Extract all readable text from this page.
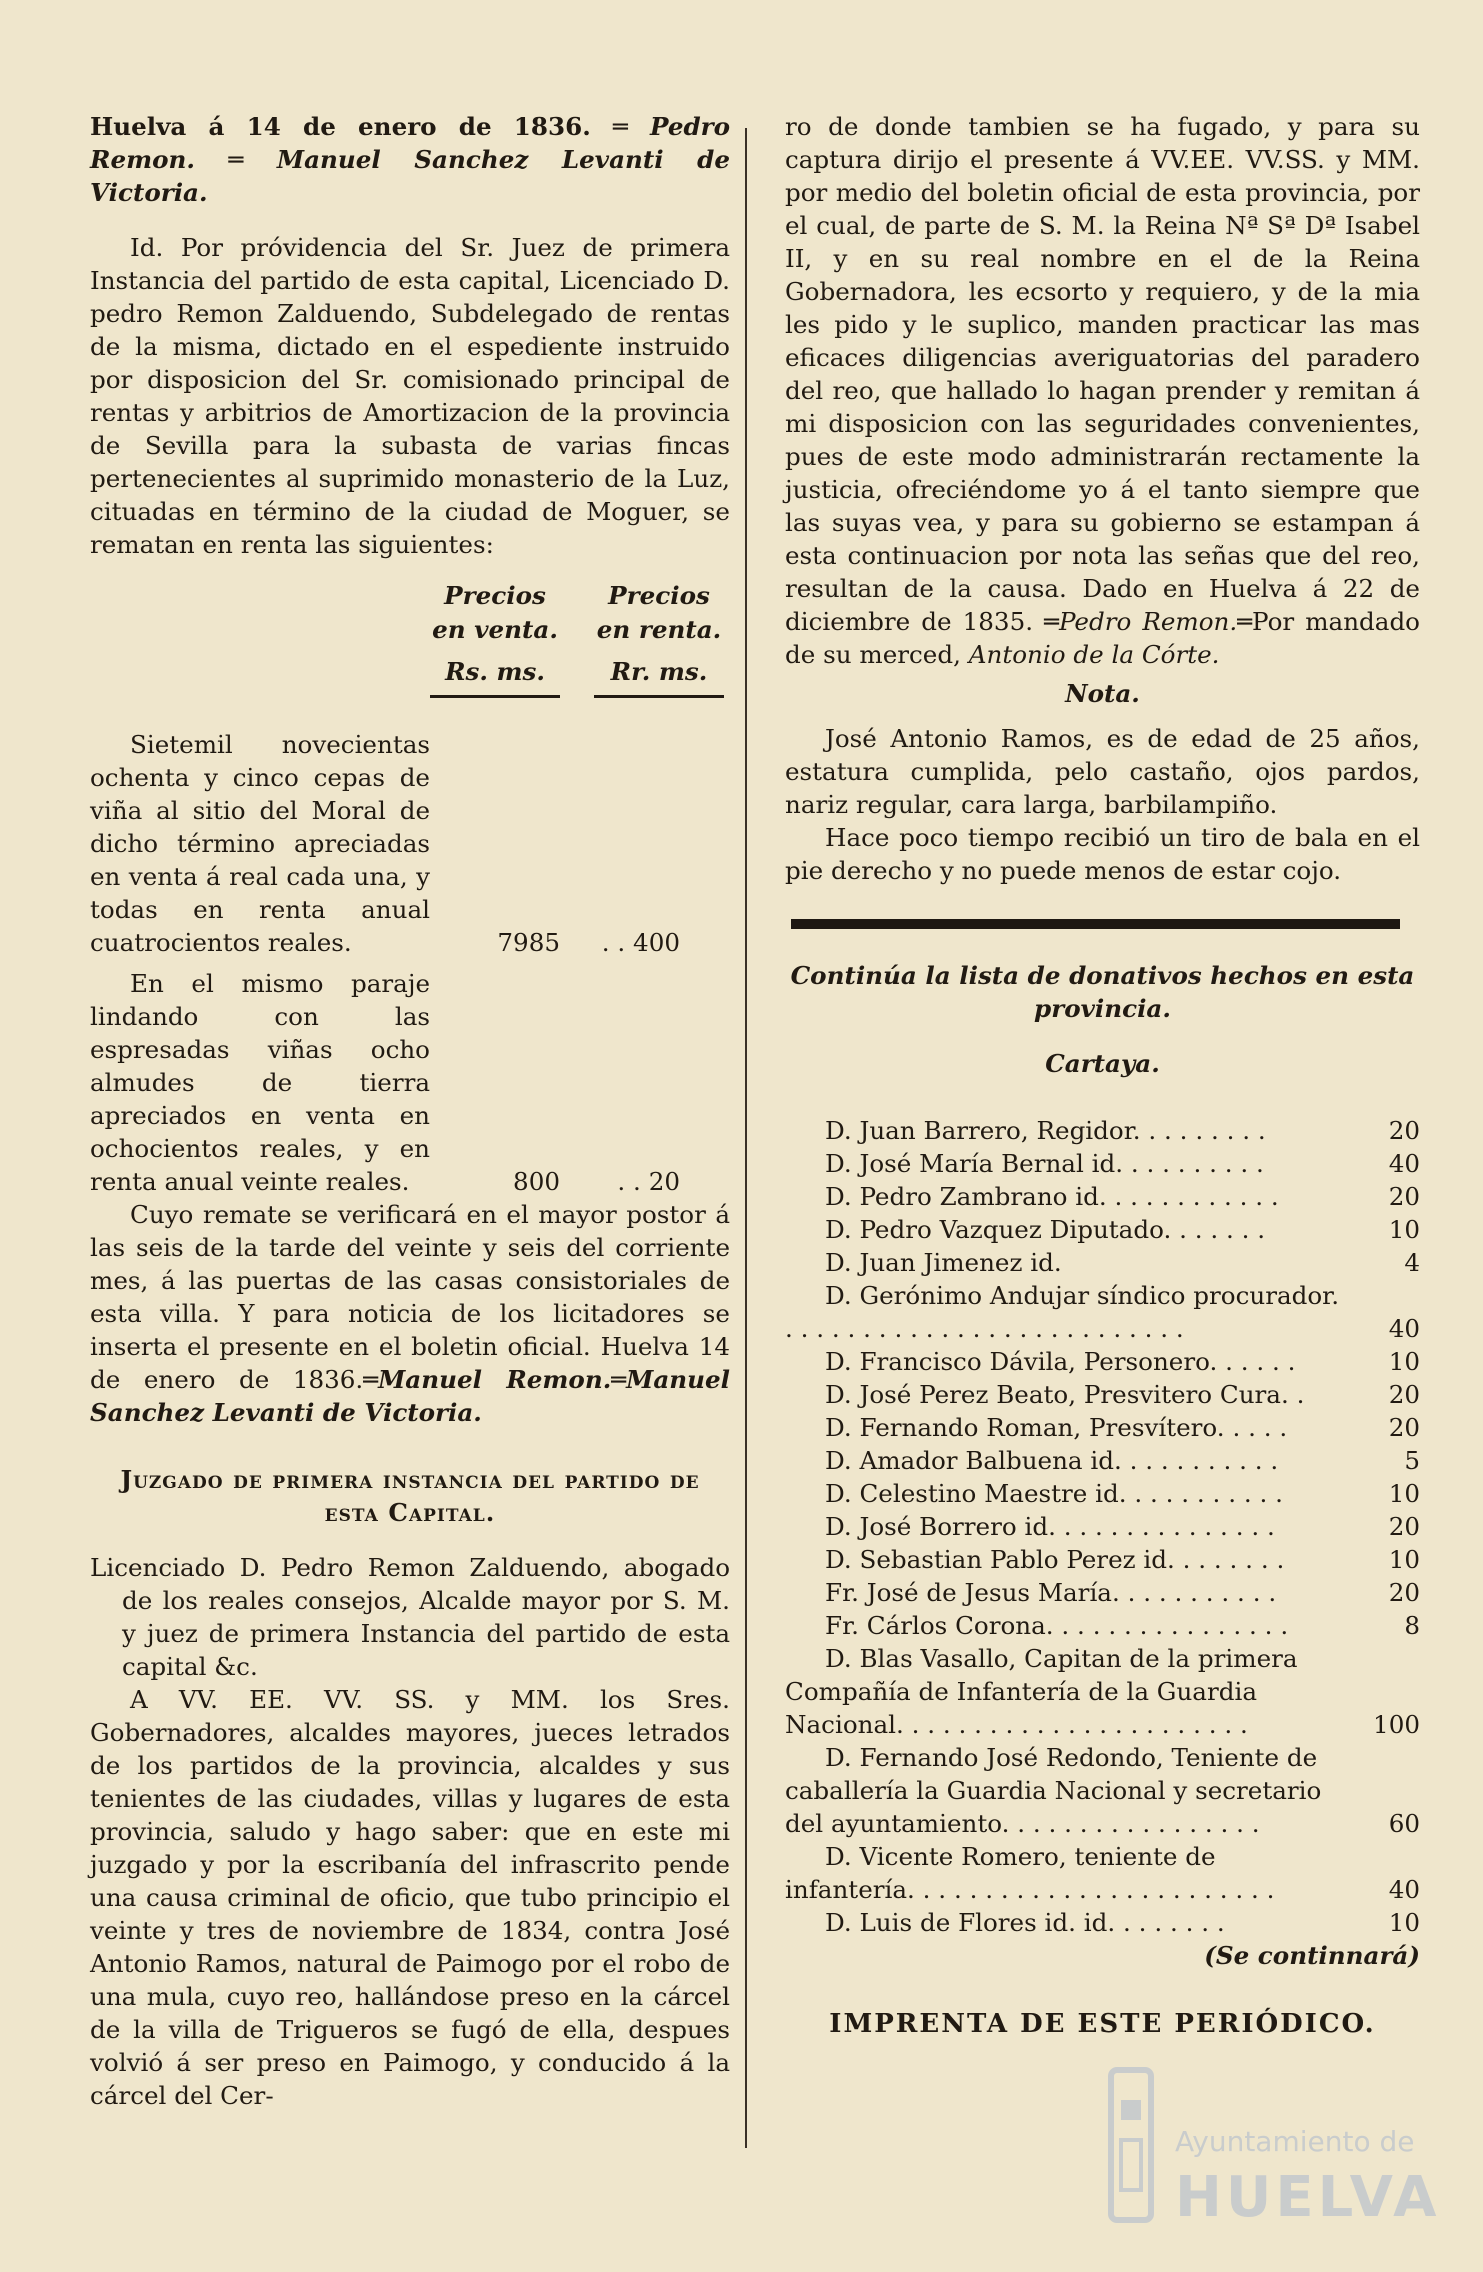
Huelva á 14 de enero de 1836. ═ Pedro Remon. ═ Manuel Sanchez Levanti de Victoria.

Id. Por próvidencia del Sr. Juez de primera Instancia del partido de esta capital, Licenciado D. pedro Remon Zalduendo, Subdelegado de rentas de la misma, dictado en el espediente instruido por disposicion del Sr. comisionado principal de rentas y arbitrios de Amortizacion de la provincia de Sevilla para la subasta de varias fincas pertenecientes al suprimido monasterio de la Luz, cituadas en término de la ciudad de Moguer, se rematan en renta las siguientes:

Precios en venta.
Precios en renta.
Rs. ms.	Rr. ms.

Sietemil novecientas ochenta y cinco cepas de viña al sitio del Moral de dicho término apreciadas en venta á real cada una, y todas en renta anual cuatrocientos reales.	7985	. . 400

En el mismo paraje lindando con las espresadas viñas ocho almudes de tierra apreciados en venta en ochocientos reales, y en renta anual veinte reales.	800	. . 20

Cuyo remate se verificará en el mayor postor á las seis de la tarde del veinte y seis del corriente mes, á las puertas de las casas consistoriales de esta villa. Y para noticia de los licitadores se inserta el presente en el boletin oficial. Huelva 14 de enero de 1836.═Manuel Remon.═Manuel Sanchez Levanti de Victoria.

Juzgado de primera instancia del partido de esta Capital.

Licenciado D. Pedro Remon Zalduendo, abogado de los reales consejos, Alcalde mayor por S. M. y juez de primera Instancia del partido de esta capital &c.

A VV. EE. VV. SS. y MM. los Sres. Gobernadores, alcaldes mayores, jueces letrados de los partidos de la provincia, alcaldes y sus tenientes de las ciudades, villas y lugares de esta provincia, saludo y hago saber: que en este mi juzgado y por la escribanía del infrascrito pende una causa criminal de oficio, que tubo principio el veinte y tres de noviembre de 1834, contra José Antonio Ramos, natural de Paimogo por el robo de una mula, cuyo reo, hallándose preso en la cárcel de la villa de Trigueros se fugó de ella, despues volvió á ser preso en Paimogo, y conducido á la cárcel del Cer-

ro de donde tambien se ha fugado, y para su captura dirijo el presente á VV.EE. VV.SS. y MM. por medio del boletin oficial de esta provincia, por el cual, de parte de S. M. la Reina Nª Sª Dª Isabel II, y en su real nombre en el de la Reina Gobernadora, les ecsorto y requiero, y de la mia les pido y le suplico, manden practicar las mas eficaces diligencias averiguatorias del paradero del reo, que hallado lo hagan prender y remitan á mi disposicion con las seguridades convenientes, pues de este modo administrarán rectamente la justicia, ofreciéndome yo á el tanto siempre que las suyas vea, y para su gobierno se estampan á esta continuacion por nota las señas que del reo, resultan de la causa. Dado en Huelva á 22 de diciembre de 1835. ═Pedro Remon.═Por mandado de su merced, Antonio de la Córte.

Nota.

José Antonio Ramos, es de edad de 25 años, estatura cumplida, pelo castaño, ojos pardos, nariz regular, cara larga, barbilampiño.

Hace poco tiempo recibió un tiro de bala en el pie derecho y no puede menos de estar cojo.

Continúa la lista de donativos hechos en esta provincia.

Cartaya.

D. Juan Barrero, Regidor. . . . . . . . .	20
D. José María Bernal id. . . . . . . . . .	40
D. Pedro Zambrano id. . . . . . . . . . . .	20
D. Pedro Vazquez Diputado. . . . . . .	10
D. Juan Jimenez id.	4
D. Gerónimo Andujar síndico procurador. . . . . . . . . . . . . . . . . . . . . . . . . . .	40
D. Francisco Dávila, Personero. . . . . .	10
D. José Perez Beato, Presvitero Cura. .	20
D. Fernando Roman, Presvítero. . . . .	20
D. Amador Balbuena id. . . . . . . . . . .	5
D. Celestino Maestre id. . . . . . . . . . .	10
D. José Borrero id. . . . . . . . . . . . . . .	20
D. Sebastian Pablo Perez id. . . . . . . .	10
Fr. José de Jesus María. . . . . . . . . . .	20
Fr. Cárlos Corona. . . . . . . . . . . . . . . .	8
D. Blas Vasallo, Capitan de la primera Compañía de Infantería de la Guardia Nacional. . . . . . . . . . . . . . . . . . . . . . .	100
D. Fernando José Redondo, Teniente de caballería la Guardia Nacional y secretario del ayuntamiento. . . . . . . . . . . . . . . . .	60
D. Vicente Romero, teniente de infantería. . . . . . . . . . . . . . . . . . . . . . . .	40
D. Luis de Flores id. id. . . . . . . .	10

(Se continnará)

IMPRENTA DE ESTE PERIÓDICO.

Ayuntamiento de
HUELVA
